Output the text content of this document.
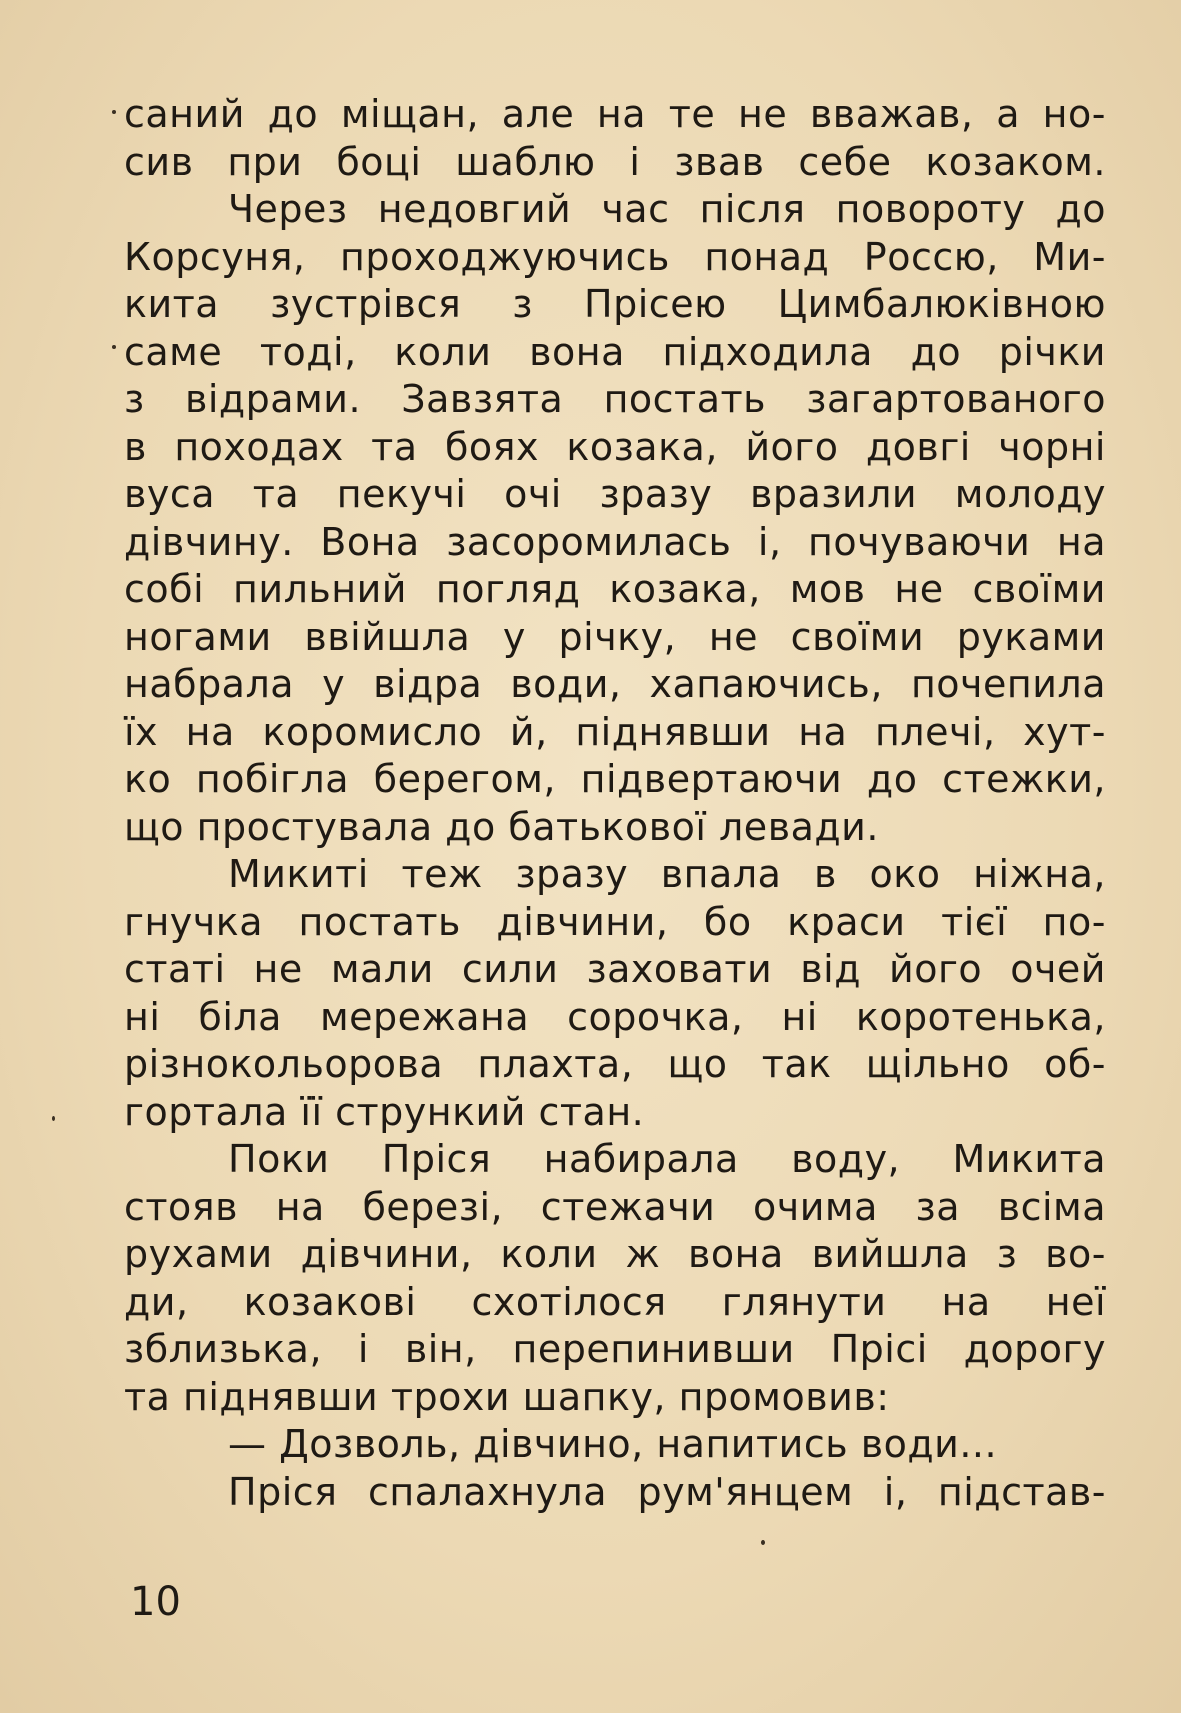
саний до міщан, але на те не вважав, а но-
сив при боці шаблю і звав себе козаком.
Через недовгий час після повороту до
Корсуня, проходжуючись понад Россю, Ми-
кита зустрівся з Прісею Цимбалюківною
саме тоді, коли вона підходила до річки
з відрами. Завзята постать загартованого
в походах та боях козака, його довгі чорні
вуса та пекучі очі зразу вразили молоду
дівчину. Вона засоромилась і, почуваючи на
собі пильний погляд козака, мов не своїми
ногами ввійшла у річку, не своїми руками
набрала у відра води, хапаючись, почепила
їх на коромисло й, піднявши на плечі, хут-
ко побігла берегом, підвертаючи до стежки,
що простувала до батькової левади.
Микиті теж зразу впала в око ніжна,
гнучка постать дівчини, бо краси тієї по-
статі не мали сили заховати від його очей
ні біла мережана сорочка, ні коротенька,
різнокольорова плахта, що так щільно об-
гортала її стрункий стан.
Поки Пріся набирала воду, Микита
стояв на березі, стежачи очима за всіма
рухами дівчини, коли ж вона вийшла з во-
ди, козакові схотілося глянути на неї
зблизька, і він, перепинивши Прісі дорогу
та піднявши трохи шапку, промовив:
— Дозволь, дівчино, напитись води...
Пріся спалахнула рум'янцем і, підстав-
10
